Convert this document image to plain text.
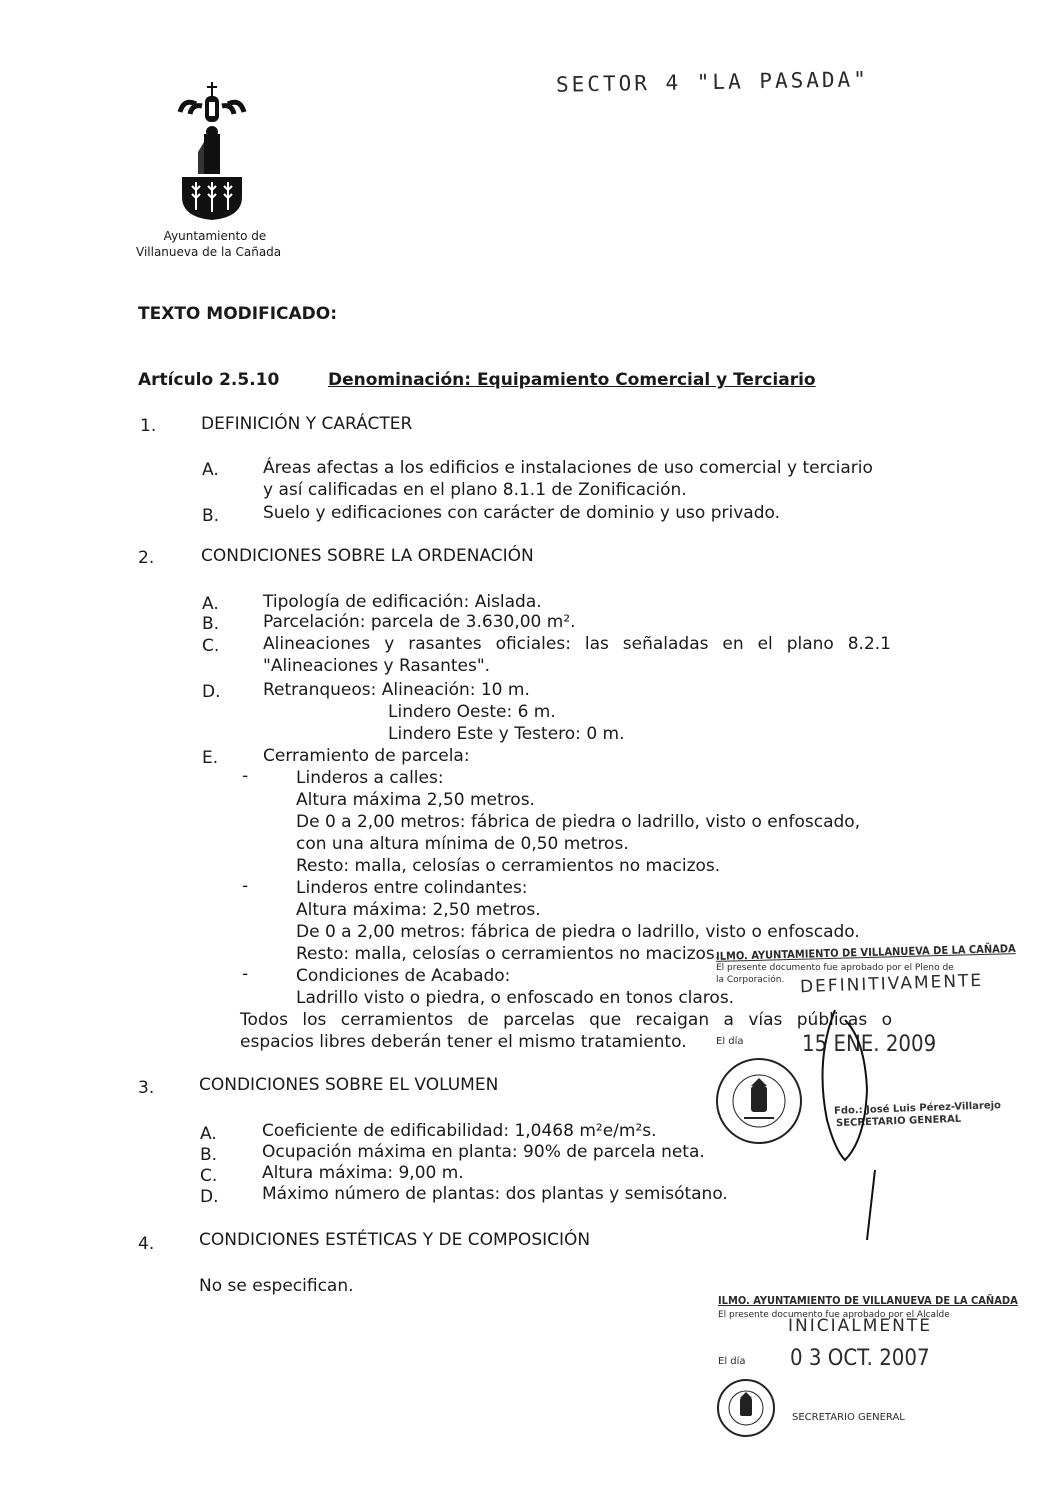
SECTOR 4 "LA PASADA"
Ayuntamiento de
Villanueva de la Cañada
TEXTO MODIFICADO:
Artículo 2.5.10	Denominación: Equipamiento Comercial y Terciario
1.	DEFINICIÓN Y CARÁCTER
A.	Áreas afectas a los edificios e instalaciones de uso comercial y terciario
y así calificadas en el plano 8.1.1 de Zonificación.
B.	Suelo y edificaciones con carácter de dominio y uso privado.
2.	CONDICIONES SOBRE LA ORDENACIÓN
A.	Tipología de edificación: Aislada.
B.	Parcelación: parcela de 3.630,00 m².
C.	Alineaciones y rasantes oficiales: las señaladas en el plano 8.2.1
"Alineaciones y Rasantes".
D.	Retranqueos: Alineación: 10 m.
Lindero Oeste: 6 m.
Lindero Este y Testero: 0 m.
E.	Cerramiento de parcela:
-	Linderos a calles:
Altura máxima 2,50 metros.
De 0 a 2,00 metros: fábrica de piedra o ladrillo, visto o enfoscado,
con una altura mínima de 0,50 metros.
Resto: malla, celosías o cerramientos no macizos.
-	Linderos entre colindantes:
Altura máxima: 2,50 metros.
De 0 a 2,00 metros: fábrica de piedra o ladrillo, visto o enfoscado.
Resto: malla, celosías o cerramientos no macizos.
-	Condiciones de Acabado:
Ladrillo visto o piedra, o enfoscado en tonos claros.
Todos los cerramientos de parcelas que recaigan a vías públicas o
espacios libres deberán tener el mismo tratamiento.
3.	CONDICIONES SOBRE EL VOLUMEN
A.	Coeficiente de edificabilidad: 1,0468 m²e/m²s.
B.	Ocupación máxima en planta: 90% de parcela neta.
C.	Altura máxima: 9,00 m.
D.	Máximo número de plantas: dos plantas y semisótano.
4.	CONDICIONES ESTÉTICAS Y DE COMPOSICIÓN
No se especifican.
ILMO. AYUNTAMIENTO DE VILLANUEVA DE LA CAÑADA
El presente documento fue aprobado por el Pleno de
la Corporación. DEFINITIVAMENTE
El día	15 ENE. 2009
Fdo.: José Luis Pérez-Villarejo
SECRETARIO GENERAL
ILMO. AYUNTAMIENTO DE VILLANUEVA DE LA CAÑADA
El presente documento fue aprobado por el Alcalde
INICIALMENTE
El día 0 3 OCT. 2007
SECRETARIO GENERAL
